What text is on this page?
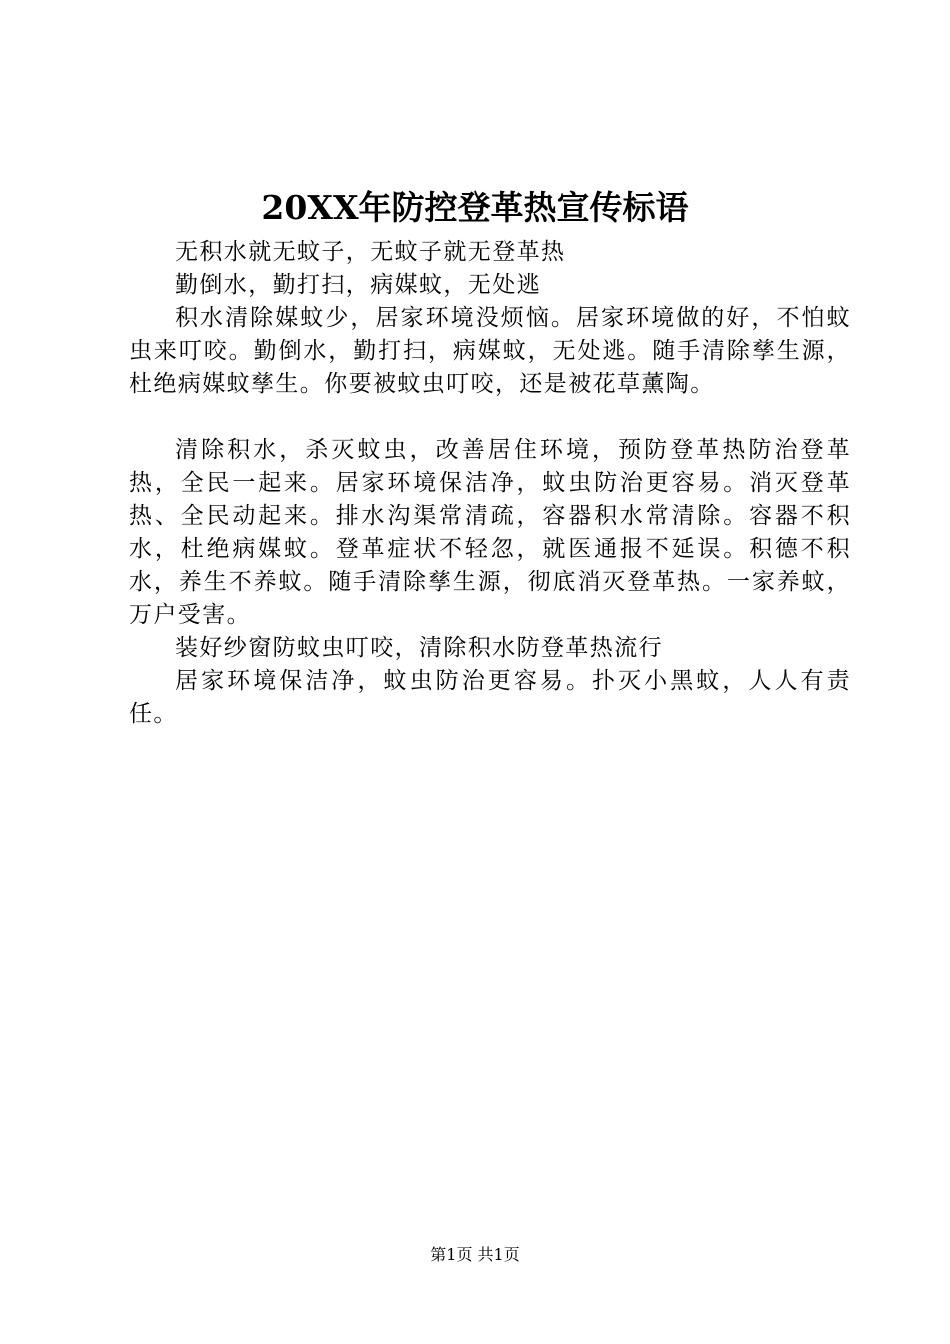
20XX年防控登革热宣传标语

无积水就无蚊子，无蚊子就无登革热

勤倒水，勤打扫，病媒蚊，无处逃

积水清除媒蚊少，居家环境没烦恼。居家环境做的好，不怕蚊虫来叮咬。勤倒水，勤打扫，病媒蚊，无处逃。随手清除孳生源，杜绝病媒蚊孳生。你要被蚊虫叮咬，还是被花草薰陶。

清除积水，杀灭蚊虫，改善居住环境，预防登革热防治登革热，全民一起来。居家环境保洁净，蚊虫防治更容易。消灭登革热、全民动起来。排水沟渠常清疏，容器积水常清除。容器不积水，杜绝病媒蚊。登革症状不轻忽，就医通报不延误。积德不积水，养生不养蚊。随手清除孳生源，彻底消灭登革热。一家养蚊，万户受害。

装好纱窗防蚊虫叮咬，清除积水防登革热流行

居家环境保洁净，蚊虫防治更容易。扑灭小黑蚊，人人有责任。

第1页 共1页
